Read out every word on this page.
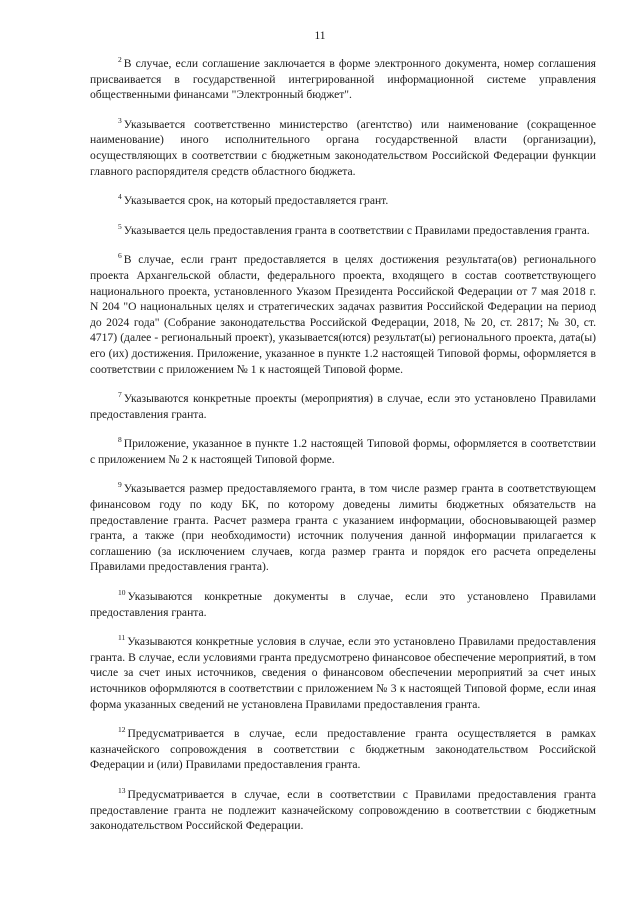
11

$^2$ В случае, если соглашение заключается в форме электронного документа, номер соглашения присваивается в государственной интегрированной информационной системе управления общественными финансами "Электронный бюджет".

$^3$ Указывается соответственно министерство (агентство) или наименование (сокращенное наименование) иного исполнительного органа государственной власти (организации), осуществляющих в соответствии с бюджетным законодательством Российской Федерации функции главного распорядителя средств областного бюджета.

$^4$ Указывается срок, на который предоставляется грант.

$^5$ Указывается цель предоставления гранта в соответствии с Правилами предоставления гранта.

$^6$ В случае, если грант предоставляется в целях достижения результата(ов) регионального проекта Архангельской области, федерального проекта, входящего в состав соответствующего национального проекта, установленного Указом Президента Российской Федерации от 7 мая 2018 г. N 204 "О национальных целях и стратегических задачах развития Российской Федерации на период до 2024 года" (Собрание законодательства Российской Федерации, 2018, № 20, ст. 2817; № 30, ст. 4717) (далее - региональный проект), указывается(ются) результат(ы) регионального проекта, дата(ы) его (их) достижения. Приложение, указанное в пункте 1.2 настоящей Типовой формы, оформляется в соответствии с приложением № 1 к настоящей Типовой форме.

$^7$ Указываются конкретные проекты (мероприятия) в случае, если это установлено Правилами предоставления гранта.

$^8$ Приложение, указанное в пункте 1.2 настоящей Типовой формы, оформляется в соответствии с приложением № 2 к настоящей Типовой форме.

$^9$ Указывается размер предоставляемого гранта, в том числе размер гранта в соответствующем финансовом году по коду БК, по которому доведены лимиты бюджетных обязательств на предоставление гранта. Расчет размера гранта с указанием информации, обосновывающей размер гранта, а также (при необходимости) источник получения данной информации прилагается к соглашению (за исключением случаев, когда размер гранта и порядок его расчета определены Правилами предоставления гранта).

$^{10}$ Указываются конкретные документы в случае, если это установлено Правилами предоставления гранта.

$^{11}$ Указываются конкретные условия в случае, если это установлено Правилами предоставления гранта. В случае, если условиями гранта предусмотрено финансовое обеспечение мероприятий, в том числе за счет иных источников, сведения о финансовом обеспечении мероприятий за счет иных источников оформляются в соответствии с приложением № 3 к настоящей Типовой форме, если иная форма указанных сведений не установлена Правилами предоставления гранта.

$^{12}$ Предусматривается в случае, если предоставление гранта осуществляется в рамках казначейского сопровождения в соответствии с бюджетным законодательством Российской Федерации и (или) Правилами предоставления гранта.

$^{13}$ Предусматривается в случае, если в соответствии с Правилами предоставления гранта предоставление гранта не подлежит казначейскому сопровождению в соответствии с бюджетным законодательством Российской Федерации.
